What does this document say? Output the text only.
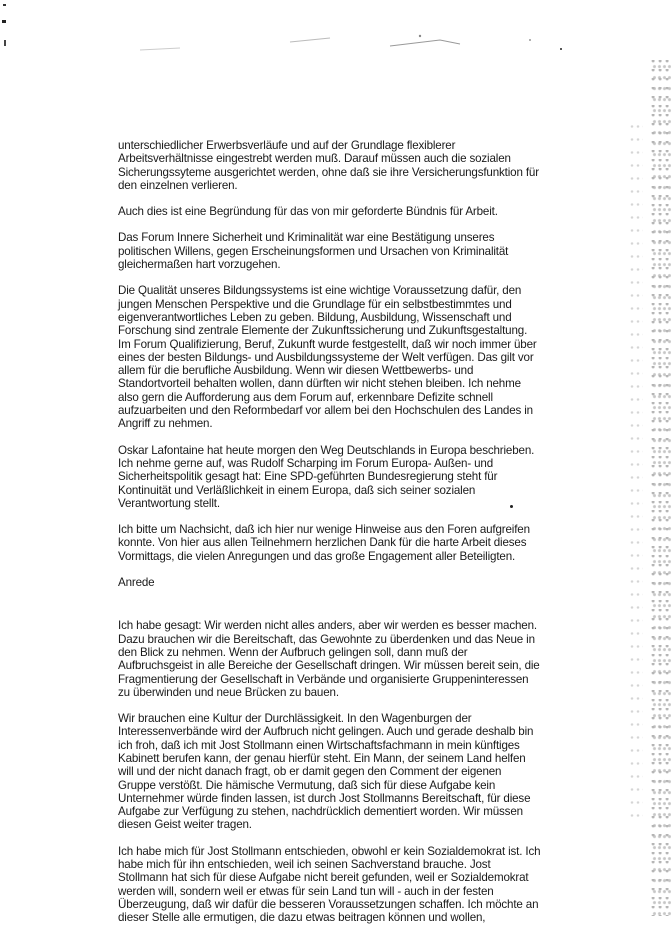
unterschiedlicher Erwerbsverläufe und auf der Grundlage flexiblerer
Arbeitsverhältnisse eingestrebt werden muß. Darauf müssen auch die sozialen
Sicherungssyteme ausgerichtet werden, ohne daß sie ihre Versicherungsfunktion für
den einzelnen verlieren.

Auch dies ist eine Begründung für das von mir geforderte Bündnis für Arbeit.

Das Forum Innere Sicherheit und Kriminalität war eine Bestätigung unseres
politischen Willens, gegen Erscheinungsformen und Ursachen von Kriminalität
gleichermaßen hart vorzugehen.

Die Qualität unseres Bildungssystems ist eine wichtige Voraussetzung dafür, den
jungen Menschen Perspektive und die Grundlage für ein selbstbestimmtes und
eigenverantwortliches Leben zu geben. Bildung, Ausbildung, Wissenschaft und
Forschung sind zentrale Elemente der Zukunftssicherung und Zukunftsgestaltung.
Im Forum Qualifizierung, Beruf, Zukunft wurde festgestellt, daß wir noch immer über
eines der besten Bildungs- und Ausbildungssysteme der Welt verfügen. Das gilt vor
allem für die berufliche Ausbildung. Wenn wir diesen Wettbewerbs- und
Standortvorteil behalten wollen, dann dürften wir nicht stehen bleiben. Ich nehme
also gern die Aufforderung aus dem Forum auf, erkennbare Defizite schnell
aufzuarbeiten und den Reformbedarf vor allem bei den Hochschulen des Landes in
Angriff zu nehmen.

Oskar Lafontaine hat heute morgen den Weg Deutschlands in Europa beschrieben.
Ich nehme gerne auf, was Rudolf Scharping im Forum Europa- Außen- und
Sicherheitspolitik gesagt hat: Eine SPD-geführten Bundesregierung steht für
Kontinuität und Verläßlichkeit in einem Europa, daß sich seiner sozialen
Verantwortung stellt.

Ich bitte um Nachsicht, daß ich hier nur wenige Hinweise aus den Foren aufgreifen
konnte. Von hier aus allen Teilnehmern herzlichen Dank für die harte Arbeit dieses
Vormittags, die vielen Anregungen und das große Engagement aller Beteiligten.

Anrede

Ich habe gesagt: Wir werden nicht alles anders, aber wir werden es besser machen.
Dazu brauchen wir die Bereitschaft, das Gewohnte zu überdenken und das Neue in
den Blick zu nehmen. Wenn der Aufbruch gelingen soll, dann muß der
Aufbruchsgeist in alle Bereiche der Gesellschaft dringen. Wir müssen bereit sein, die
Fragmentierung der Gesellschaft in Verbände und organisierte Gruppeninteressen
zu überwinden und neue Brücken zu bauen.

Wir brauchen eine Kultur der Durchlässigkeit. In den Wagenburgen der
Interessenverbände wird der Aufbruch nicht gelingen. Auch und gerade deshalb bin
ich froh, daß ich mit Jost Stollmann einen Wirtschaftsfachmann in mein künftiges
Kabinett berufen kann, der genau hierfür steht. Ein Mann, der seinem Land helfen
will und der nicht danach fragt, ob er damit gegen den Comment der eigenen
Gruppe verstößt. Die hämische Vermutung, daß sich für diese Aufgabe kein
Unternehmer würde finden lassen, ist durch Jost Stollmanns Bereitschaft, für diese
Aufgabe zur Verfügung zu stehen, nachdrücklich dementiert worden. Wir müssen
diesen Geist weiter tragen.

Ich habe mich für Jost Stollmann entschieden, obwohl er kein Sozialdemokrat ist. Ich
habe mich für ihn entschieden, weil ich seinen Sachverstand brauche. Jost
Stollmann hat sich für diese Aufgabe nicht bereit gefunden, weil er Sozialdemokrat
werden will, sondern weil er etwas für sein Land tun will - auch in der festen
Überzeugung, daß wir dafür die besseren Voraussetzungen schaffen. Ich möchte an
dieser Stelle alle ermutigen, die dazu etwas beitragen können und wollen,
